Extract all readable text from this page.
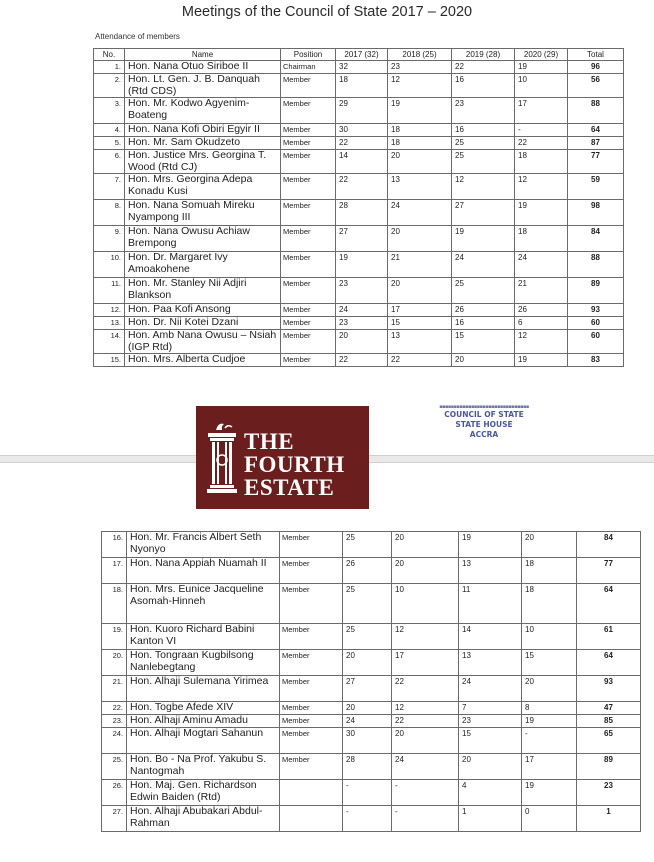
Meetings of the Council of State 2017 – 2020
Attendance of members
No.	Name	Position	2017 (32)	2018 (25)	2019 (28)	2020 (29)	Total
1.	Hon. Nana Otuo Siriboe II	Chairman	32	23	22	19	96
2.	Hon. Lt. Gen. J. B. Danquah (Rtd CDS)	Member	18	12	16	10	56
3.	Hon. Mr. Kodwo Agyenim-Boateng	Member	29	19	23	17	88
4.	Hon. Nana Kofi Obiri Egyir II	Member	30	18	16	-	64
5.	Hon. Mr. Sam Okudzeto	Member	22	18	25	22	87
6.	Hon. Justice Mrs. Georgina T. Wood (Rtd CJ)	Member	14	20	25	18	77
7.	Hon. Mrs. Georgina Adepa Konadu Kusi	Member	22	13	12	12	59
8.	Hon. Nana Somuah Mireku Nyampong III	Member	28	24	27	19	98
9.	Hon. Nana Owusu Achiaw Brempong	Member	27	20	19	18	84
10.	Hon. Dr. Margaret Ivy Amoakohene	Member	19	21	24	24	88
11.	Hon. Mr. Stanley Nii Adjiri Blankson	Member	23	20	25	21	89
12.	Hon. Paa Kofi Ansong	Member	24	17	26	26	93
13.	Hon. Dr. Nii Kotei Dzani	Member	23	15	16	6	60
14.	Hon. Amb Nana Owusu – Nsiah (IGP Rtd)	Member	20	13	15	12	60
15.	Hon. Mrs. Alberta Cudjoe	Member	22	22	20	19	83
▪▪▪▪▪▪▪▪▪▪▪▪▪▪▪▪▪▪▪▪▪▪▪▪▪▪▪▪▪▪▪
COUNCIL OF STATE
STATE HOUSE
ACCRA
THE
FOURTH
ESTATE
16.	Hon. Mr. Francis Albert Seth Nyonyo	Member	25	20	19	20	84
17.	Hon. Nana Appiah Nuamah II	Member	26	20	13	18	77
18.	Hon. Mrs. Eunice Jacqueline Asomah-Hinneh	Member	25	10	11	18	64
19.	Hon. Kuoro Richard Babini Kanton VI	Member	25	12	14	10	61
20.	Hon. Tongraan Kugbilsong Nanlebegtang	Member	20	17	13	15	64
21.	Hon. Alhaji Sulemana Yirimea	Member	27	22	24	20	93
22.	Hon. Togbe Afede XIV	Member	20	12	7	8	47
23.	Hon. Alhaji Aminu Amadu	Member	24	22	23	19	85
24.	Hon. Alhaji Mogtari Sahanun	Member	30	20	15	-	65
25.	Hon. Bo - Na Prof. Yakubu S. Nantogmah	Member	28	24	20	17	89
26.	Hon. Maj. Gen. Richardson Edwin Baiden (Rtd)		-	-	4	19	23
27.	Hon. Alhaji Abubakari Abdul-Rahman		-	-	1	0	1
